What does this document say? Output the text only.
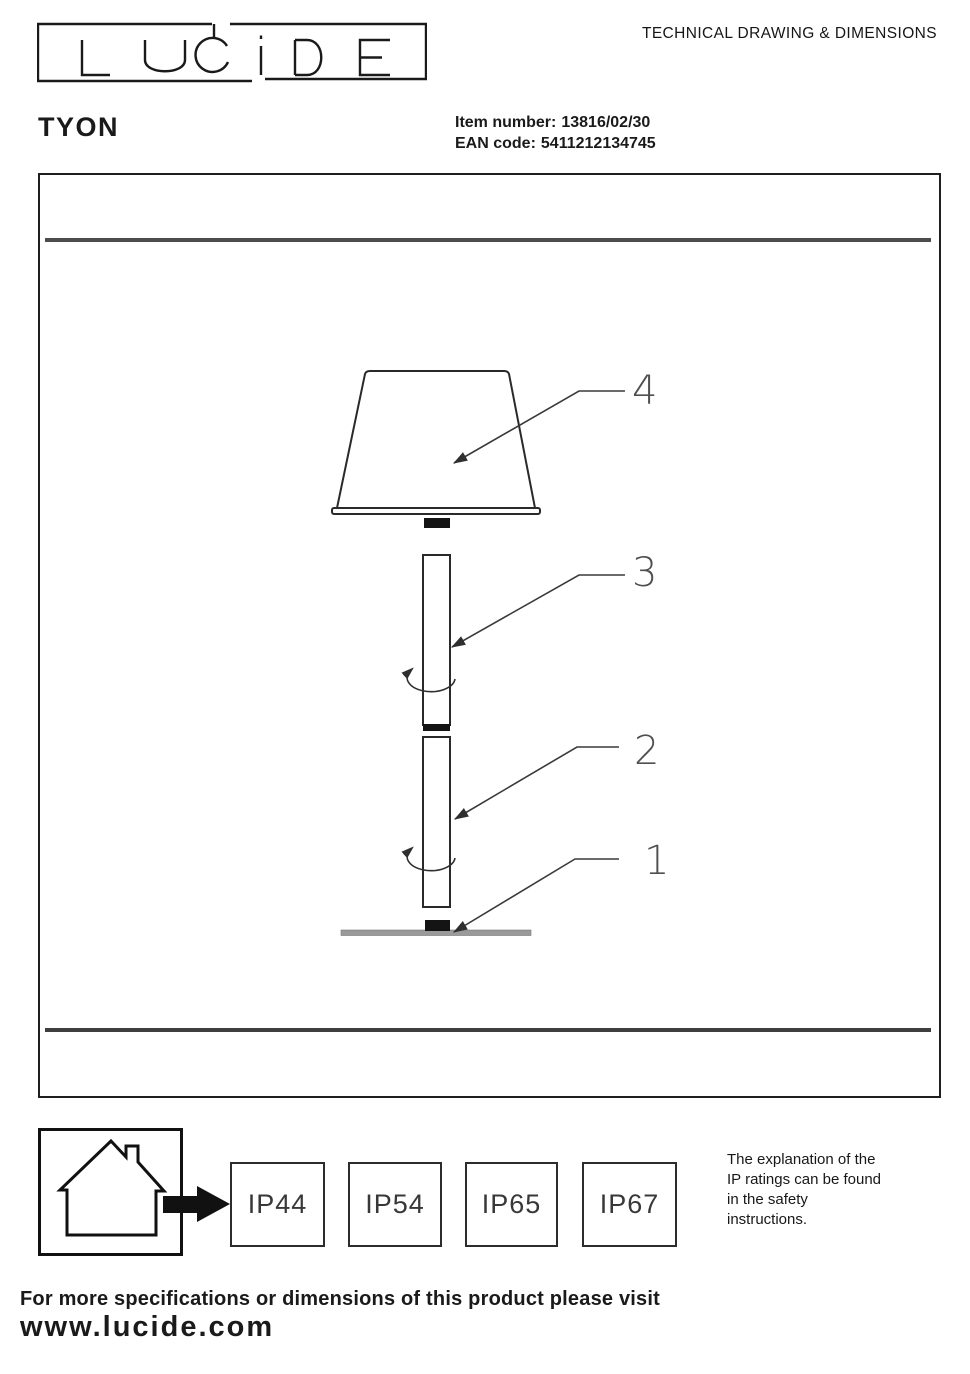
TECHNICAL DRAWING & DIMENSIONS
TYON	Item number: 13816/02/30
EAN code: 5411212134745
4
3
2
1
IP44 IP54 IP65 IP67
The explanation of the
IP ratings can be found
in the safety
instructions.
For more specifications or dimensions of this product please visit
www.lucide.com
